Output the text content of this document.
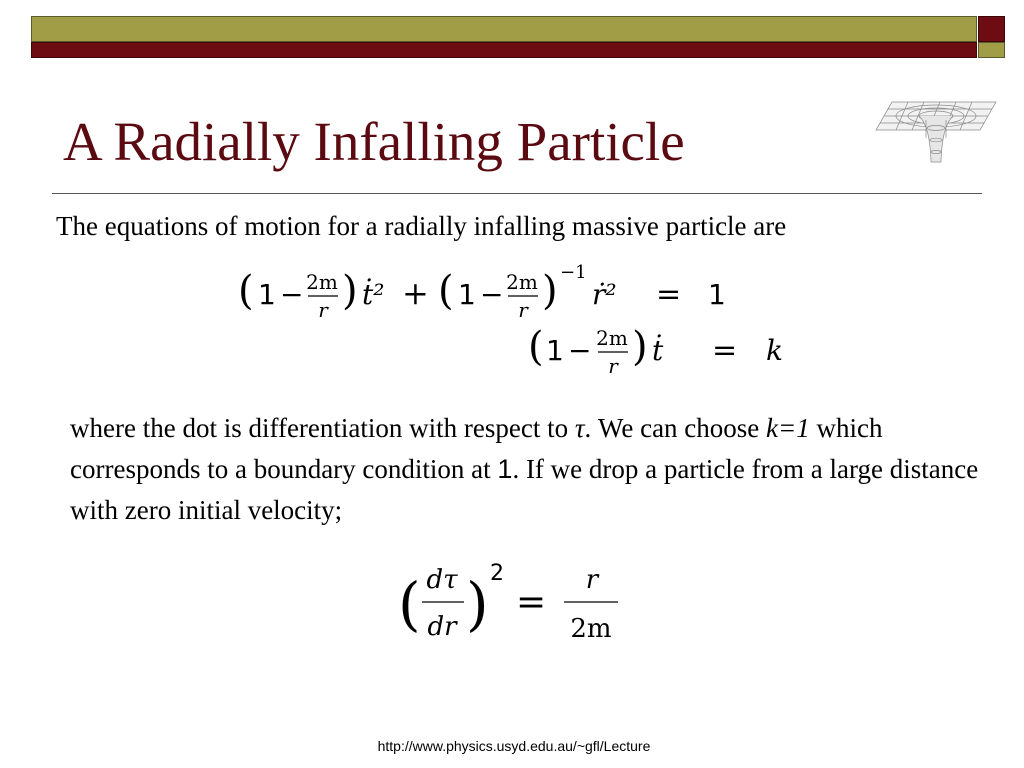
A Radially Infalling Particle
The equations of motion for a radially infalling massive particle are
( 1 − 2m
r ) ṫ² + ( 1 − 2m
r ) −1
ṙ² = 1
( 1 − 2m
r ) ṫ = k
where the dot is differentiation with respect to τ. We can choose k=1 which corresponds to a boundary condition at 1. If we drop a particle from a large distance with zero initial velocity;
( dτ
dr ) 2
=
r
2m
http://www.physics.usyd.edu.au/~gfl/Lecture
